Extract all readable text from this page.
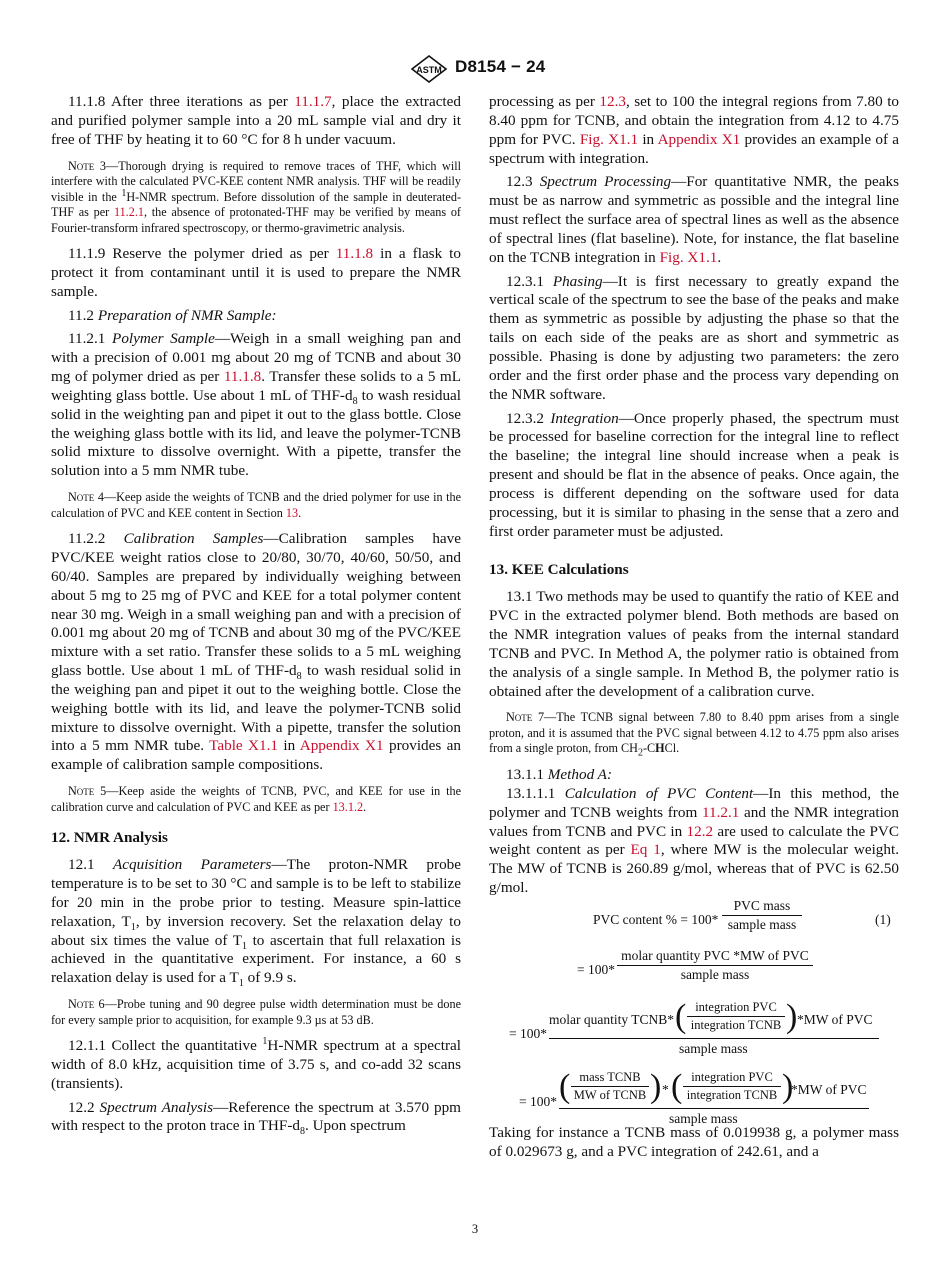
ASTM D8154 − 24

11.1.8 After three iterations as per 11.1.7, place the extracted and purified polymer sample into a 20 mL sample vial and dry it free of THF by heating it to 60 °C for 8 h under vacuum.

Note 3—Thorough drying is required to remove traces of THF, which will interfere with the calculated PVC-KEE content NMR analysis. THF will be readily visible in the $^1$H-NMR spectrum. Before dissolution of the sample in deuterated-THF as per 11.2.1, the absence of protonated-THF may be verified by means of Fourier-transform infrared spectroscopy, or thermo-gravimetric analysis.

11.1.9 Reserve the polymer dried as per 11.1.8 in a flask to protect it from contaminant until it is used to prepare the NMR sample.

11.2 Preparation of NMR Sample:

11.2.1 Polymer Sample—Weigh in a small weighing pan and with a precision of 0.001 mg about 20 mg of TCNB and about 30 mg of polymer dried as per 11.1.8. Transfer these solids to a 5 mL weighting glass bottle. Use about 1 mL of THF-$d_8$ to wash residual solid in the weighting pan and pipet it out to the glass bottle. Close the weighing glass bottle with its lid, and leave the polymer-TCNB solid mixture to dissolve overnight. With a pipette, transfer the solution into a 5 mm NMR tube.

Note 4—Keep aside the weights of TCNB and the dried polymer for use in the calculation of PVC and KEE content in Section 13.

11.2.2 Calibration Samples—Calibration samples have PVC/KEE weight ratios close to 20/80, 30/70, 40/60, 50/50, and 60/40. Samples are prepared by individually weighing between about 5 mg to 25 mg of PVC and KEE for a total polymer content near 30 mg. Weigh in a small weighing pan and with a precision of 0.001 mg about 20 mg of TCNB and about 30 mg of the PVC/KEE mixture with a set ratio. Transfer these solids to a 5 mL weighing glass bottle. Use about 1 mL of THF-$d_8$ to wash residual solid in the weighing pan and pipet it out to the weighing bottle. Close the weighing bottle with its lid, and leave the polymer-TCNB solid mixture to dissolve overnight. With a pipette, transfer the solution into a 5 mm NMR tube. Table X1.1 in Appendix X1 provides an example of calibration sample compositions.

Note 5—Keep aside the weights of TCNB, PVC, and KEE for use in the calibration curve and calculation of PVC and KEE as per 13.1.2.

12. NMR Analysis

12.1 Acquisition Parameters—The proton-NMR probe temperature is to be set to 30 °C and sample is to be left to stabilize for 20 min in the probe prior to testing. Measure spin-lattice relaxation, $T_1$, by inversion recovery. Set the relaxation delay to about six times the value of $T_1$ to ascertain that full relaxation is achieved in the quantitative experiment. For instance, a 60 s relaxation delay is used for a $T_1$ of 9.9 s.

Note 6—Probe tuning and 90 degree pulse width determination must be done for every sample prior to acquisition, for example 9.3 µs at 53 dB.

12.1.1 Collect the quantitative $^1$H-NMR spectrum at a spectral width of 8.0 kHz, acquisition time of 3.75 s, and co-add 32 scans (transients).

12.2 Spectrum Analysis—Reference the spectrum at 3.570 ppm with respect to the proton trace in THF-$d_8$. Upon spectrum

processing as per 12.3, set to 100 the integral regions from 7.80 to 8.40 ppm for TCNB, and obtain the integration from 4.12 to 4.75 ppm for PVC. Fig. X1.1 in Appendix X1 provides an example of a spectrum with integration.

12.3 Spectrum Processing—For quantitative NMR, the peaks must be as narrow and symmetric as possible and the integral line must reflect the surface area of spectral lines as well as the absence of spectral lines (flat baseline). Note, for instance, the flat baseline on the TCNB integration in Fig. X1.1.

12.3.1 Phasing—It is first necessary to greatly expand the vertical scale of the spectrum to see the base of the peaks and make them as symmetric as possible by adjusting the phase so that the tails on each side of the peaks are as short and symmetric as possible. Phasing is done by adjusting two parameters: the zero order and the first order phase and the process vary depending on the NMR software.

12.3.2 Integration—Once properly phased, the spectrum must be processed for baseline correction for the integral line to reflect the baseline; the integral line should increase when a peak is present and should be flat in the absence of peaks. Once again, the process is different depending on the software used for data processing, but it is similar to phasing in the sense that a zero and first order parameter must be adjusted.

13. KEE Calculations

13.1 Two methods may be used to quantify the ratio of KEE and PVC in the extracted polymer blend. Both methods are based on the NMR integration values of peaks from the internal standard TCNB and PVC. In Method A, the polymer ratio is obtained from the analysis of a single sample. In Method B, the polymer ratio is obtained after the development of a calibration curve.

Note 7—The TCNB signal between 7.80 to 8.40 ppm arises from a single proton, and it is assumed that the PVC signal between 4.12 to 4.75 ppm also arises from a single proton, from $CH_2$-CHCl.

13.1.1 Method A:

13.1.1.1 Calculation of PVC Content—In this method, the polymer and TCNB weights from 11.2.1 and the NMR integration values from TCNB and PVC in 12.2 are used to calculate the PVC weight content as per Eq 1, where MW is the molecular weight. The MW of TCNB is 260.89 g/mol, whereas that of PVC is 62.50 g/mol.

PVC content % = 100*
PVC mass
sample mass	(1)
= 100*
molar quantity PVC *MW of PVC
sample mass
= 100*
molar quantity TCNB* ( integration PVC
integration TCNB ) *MW of PVC
sample mass
= 100* ( mass TCNB
MW of TCNB ) * ( integration PVC
integration TCNB )
*MW of PVC
sample mass

Taking for instance a TCNB mass of 0.019938 g, a polymer mass of 0.029673 g, and a PVC integration of 242.61, and a

3
